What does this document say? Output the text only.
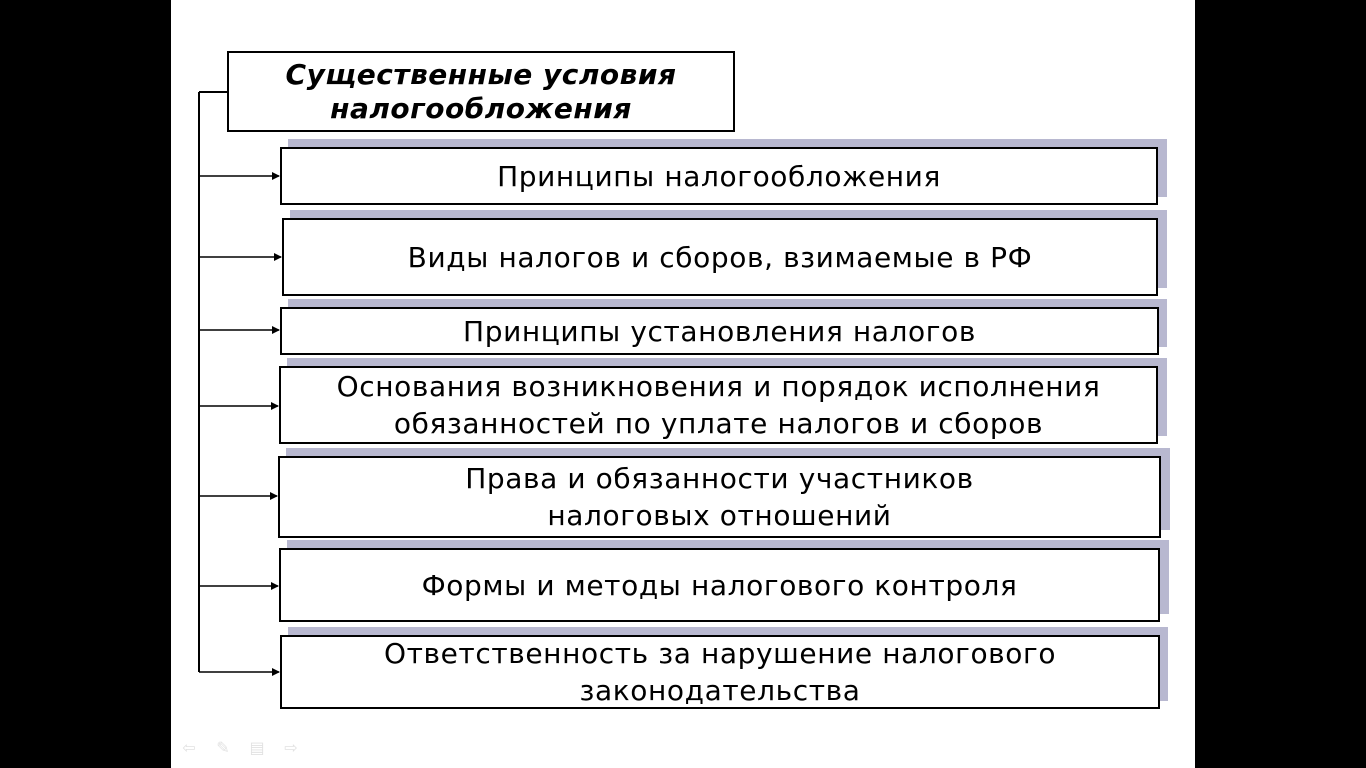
Существенные условия
налогообложения
Принципы налогообложения
Виды налогов и сборов, взимаемые в РФ
Принципы установления налогов
Основания возникновения и порядок исполнения
обязанностей по уплате налогов и сборов
Права и обязанности участников
налоговых отношений
Формы и методы налогового контроля
Ответственность за нарушение налогового
законодательства
⇦ ✎ ▤ ⇨
